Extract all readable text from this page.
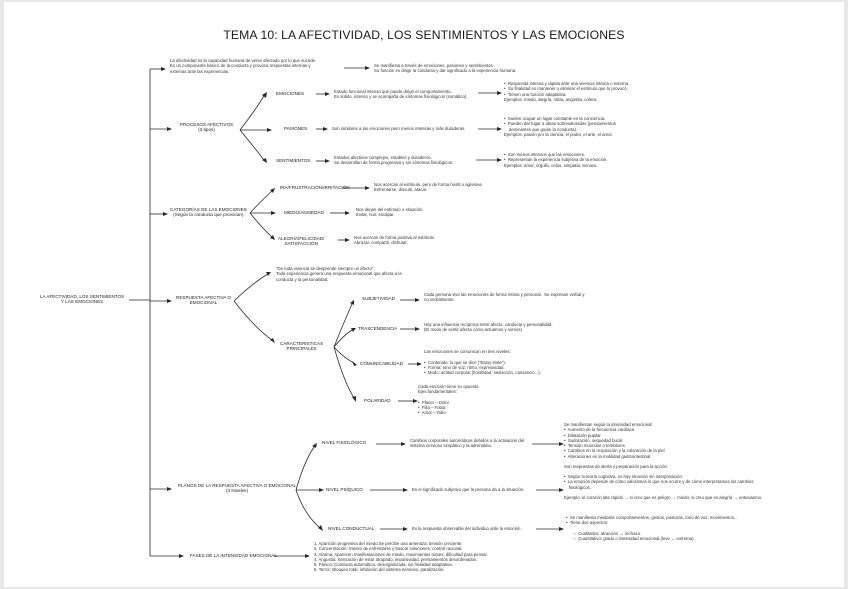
TEMA 10: LA AFECTIVIDAD, LOS SENTIMIENTOS Y LAS EMOCIONES
LA AFECTIVIDAD, LOS SENTIMIENTOS
Y LAS EMOCIONES
La afectividad es la capacidad humana de verse afectado por lo que sucede.
Es un componente básico de la conducta y provoca respuestas internas y
externas ante las experiencias.
Se manifiesta a través de emociones, pasiones y sentimientos.
Su función es dirigir la conducta y dar significado a la experiencia humana.
PROCESOS AFECTIVOS
(3 tipos)
EMOCIONES	Estado funcional intenso que puede dirigir el comportamiento.
Es súbito, intenso y se acompaña de síntomas fisiológicos (somático).
•  Respuesta intensa y rápida ante una vivencia interna o externa.
•  Su finalidad es mantener o eliminar el estímulo que lo provocó.
•  Tienen una función adaptativa.
Ejemplos: miedo, alegría, rabia, angustia, cólera.
PASIONES	Son similares a las emociones pero menos intensas y más duraderas.
•  Suelen ocupar un lugar constante en la conciencia.
•  Pueden dar lugar a ideas sobrevaloradas (pensamientos
dominantes que guían la conducta).
Ejemplos: pasión por la ciencia, el poder, el arte, el amor.
SENTIMIENTOS
Estados afectivos complejos, estables y duraderos.
Se desarrollan de forma progresiva y sin síntomas fisiológicos.
•  Son menos intensos que las emociones.
•  Representan la experiencia subjetiva de la emoción.
Ejemplos: amor, orgullo, celos, simpatía, ternura.
CATEGORÍAS DE LAS EMOCIONES
(Según la conducta que provocan)
IRA/FRUSTRACIÓN/IRRITACIÓN
Nos acercan al estímulo, pero de forma hostil o agresiva.
Enfrentarse, discutir, atacar.
MIEDO/ANSIEDAD
Nos alejan del estímulo o situación.
Evitar, huir, escapar.
ALEGRÍA/FELICIDAD/
SATISFACCIÓN
Nos acercan de forma positiva al estímulo.
Abrazar, compartir, disfrutar.
RESPUESTA AFECTIVA O
EMOCIONAL
"De toda vivencia se desprende siempre un afecto"
Toda experiencia genera una respuesta emocional que afecta a la
conducta y la personalidad.
CARACTERÍSTICAS
PRINCIPALES
SUBJETIVIDAD
Cada persona vive las emociones de forma íntima y personal.  Se expresan verbal y
no verbalmente.
TRASCENDENCIA
Hay una influencia recíproca entre afecto, conducta y personalidad.
(El modo de sentir afecta cómo actuamos y somos)
COMUNICABILIDAD
Las emociones se comunican en tres niveles:

•  Contenido: lo que se dice ("Estoy triste").
•  Forma: tono de voz, ritmo, expresividad.
•  Modo: actitud corporal (hostilidad, seducción, cansancio...).
POLARIDAD
Cada emoción tiene su opuesto.
Ejes fundamentales:

•  Placer – Dolor
•  Filia – Fobia
•  Amor – Odio
PLANOS DE LA RESPUESTA AFECTIVA O EMOCIONAL
(3 Niveles)
NIVEL FISIOLÓGICO	Cambios corporales automáticos debidos a la activación del
sistema nervioso simpático y la adrenalina.
Se manifiestan según la intensidad emocional:
•  Aumento de la frecuencia cardíaca
•  Dilatación pupilar
•  Sudoración, sequedad bucal
•  Tensión muscular o temblores
•  Cambios en la respiración y la coloración de la piel
•  Alteraciones en la motilidad gastrointestinal

Son respuestas de alerta y preparación para la acción.
NIVEL PSÍQUICO	Es el significado subjetivo que la persona da a la situación.
•  Según la teoría cognitiva, no hay emoción sin interpretación.
•  La emoción depende de cómo valoramos lo que nos ocurre y de cómo interpretamos los cambios
fisiológicos.

Ejemplo: el corazón late rápido → si creo que es peligro → miedo; si creo que es alegría → entusiasmo.
NIVEL CONDUCTUAL	Es la respuesta observable del individuo ante la emoción.
•  Se manifiesta mediante comportamientos, gestos, posturas, tono de voz, movimientos...
•  Tiene dos aspectos:

○  Cualitativo: atracción ↔ rechazo.
○  Cuantitativo: grado o intensidad emocional (leve ↔ extrema).
FASES DE LA INTENSIDAD EMOCIONAL
1. Aparición progresiva del miedo:Se percibe una amenaza; tensión creciente.
2. Concentración: Intento de enfrentarse y buscar soluciones; control racional.
3. Alarma: Aparecen manifestaciones de miedo, movimientos torpes, dificultad para pensar.
4. Angustia: Sensación de estar atrapado, impulsividad, pensamientos desordenados.
5. Pánico: Conducta automática, desorganizada, sin finalidad adaptativa.
6. Terror: Bloqueo total, inhibición del sistema nervioso, paralización.
